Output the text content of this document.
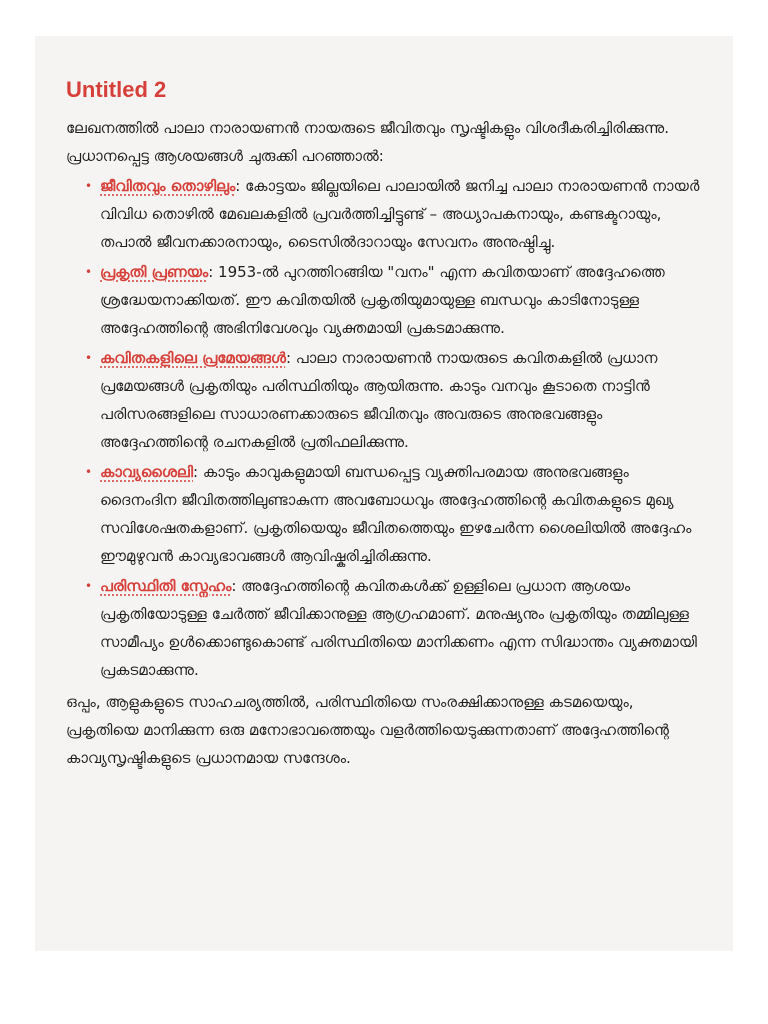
Untitled 2

ലേഖനത്തിൽ പാലാ നാരായണൻ നായരുടെ ജീവിതവും സൃഷ്ടികളും വിശദീകരിച്ചിരിക്കുന്നു. പ്രധാനപ്പെട്ട ആശയങ്ങൾ ചുരുക്കി പറഞ്ഞാൽ:

• ജീവിതവും തൊഴിലും: കോട്ടയം ജില്ലയിലെ പാലായിൽ ജനിച്ച പാലാ നാരായണൻ നായർ വിവിധ തൊഴിൽ മേഖലകളിൽ പ്രവർത്തിച്ചിട്ടുണ്ട് – അധ്യാപകനായും, കണ്ടക്ടറായും, തപാൽ ജീവനക്കാരനായും, ടൈസിൽദാറായും സേവനം അനുഷ്ഠിച്ചു.
• പ്രകൃതി പ്രണയം: 1953-ൽ പുറത്തിറങ്ങിയ "വനം" എന്ന കവിതയാണ് അദ്ദേഹത്തെ ശ്രദ്ധേയനാക്കിയത്. ഈ കവിതയിൽ പ്രകൃതിയുമായുള്ള ബന്ധവും കാടിനോടുള്ള അദ്ദേഹത്തിന്റെ അഭിനിവേശവും വ്യക്തമായി പ്രകടമാക്കുന്നു.
• കവിതകളിലെ പ്രമേയങ്ങൾ: പാലാ നാരായണൻ നായരുടെ കവിതകളിൽ പ്രധാന പ്രമേയങ്ങൾ പ്രകൃതിയും പരിസ്ഥിതിയും ആയിരുന്നു. കാടും വനവും കൂടാതെ നാട്ടിൻ പരിസരങ്ങളിലെ സാധാരണക്കാരുടെ ജീവിതവും അവരുടെ അനുഭവങ്ങളും അദ്ദേഹത്തിന്റെ രചനകളിൽ പ്രതിഫലിക്കുന്നു.
• കാവ്യശൈലി: കാടും കാവുകളുമായി ബന്ധപ്പെട്ട വ്യക്തിപരമായ അനുഭവങ്ങളും ദൈനംദിന ജീവിതത്തിലുണ്ടാകുന്ന അവബോധവും അദ്ദേഹത്തിന്റെ കവിതകളുടെ മുഖ്യ സവിശേഷതകളാണ്. പ്രകൃതിയെയും ജീവിതത്തെയും ഇഴചേർന്ന ശൈലിയിൽ അദ്ദേഹം ഈമുഴുവൻ കാവ്യഭാവങ്ങൾ ആവിഷ്കരിച്ചിരിക്കുന്നു.
• പരിസ്ഥിതി സ്നേഹം: അദ്ദേഹത്തിന്റെ കവിതകൾക്ക് ഉള്ളിലെ പ്രധാന ആശയം പ്രകൃതിയോടുള്ള ചേർത്ത് ജീവിക്കാനുള്ള ആഗ്രഹമാണ്. മനുഷ്യനും പ്രകൃതിയും തമ്മിലുള്ള സാമീപ്യം ഉൾക്കൊണ്ടുകൊണ്ട് പരിസ്ഥിതിയെ മാനിക്കണം എന്ന സിദ്ധാന്തം വ്യക്തമായി പ്രകടമാക്കുന്നു.

ഒപ്പം, ആളുകളുടെ സാഹചര്യത്തിൽ, പരിസ്ഥിതിയെ സംരക്ഷിക്കാനുള്ള കടമയെയും, പ്രകൃതിയെ മാനിക്കുന്ന ഒരു മനോഭാവത്തെയും വളർത്തിയെടുക്കുന്നതാണ് അദ്ദേഹത്തിന്റെ കാവ്യസൃഷ്ടികളുടെ പ്രധാനമായ സന്ദേശം.
